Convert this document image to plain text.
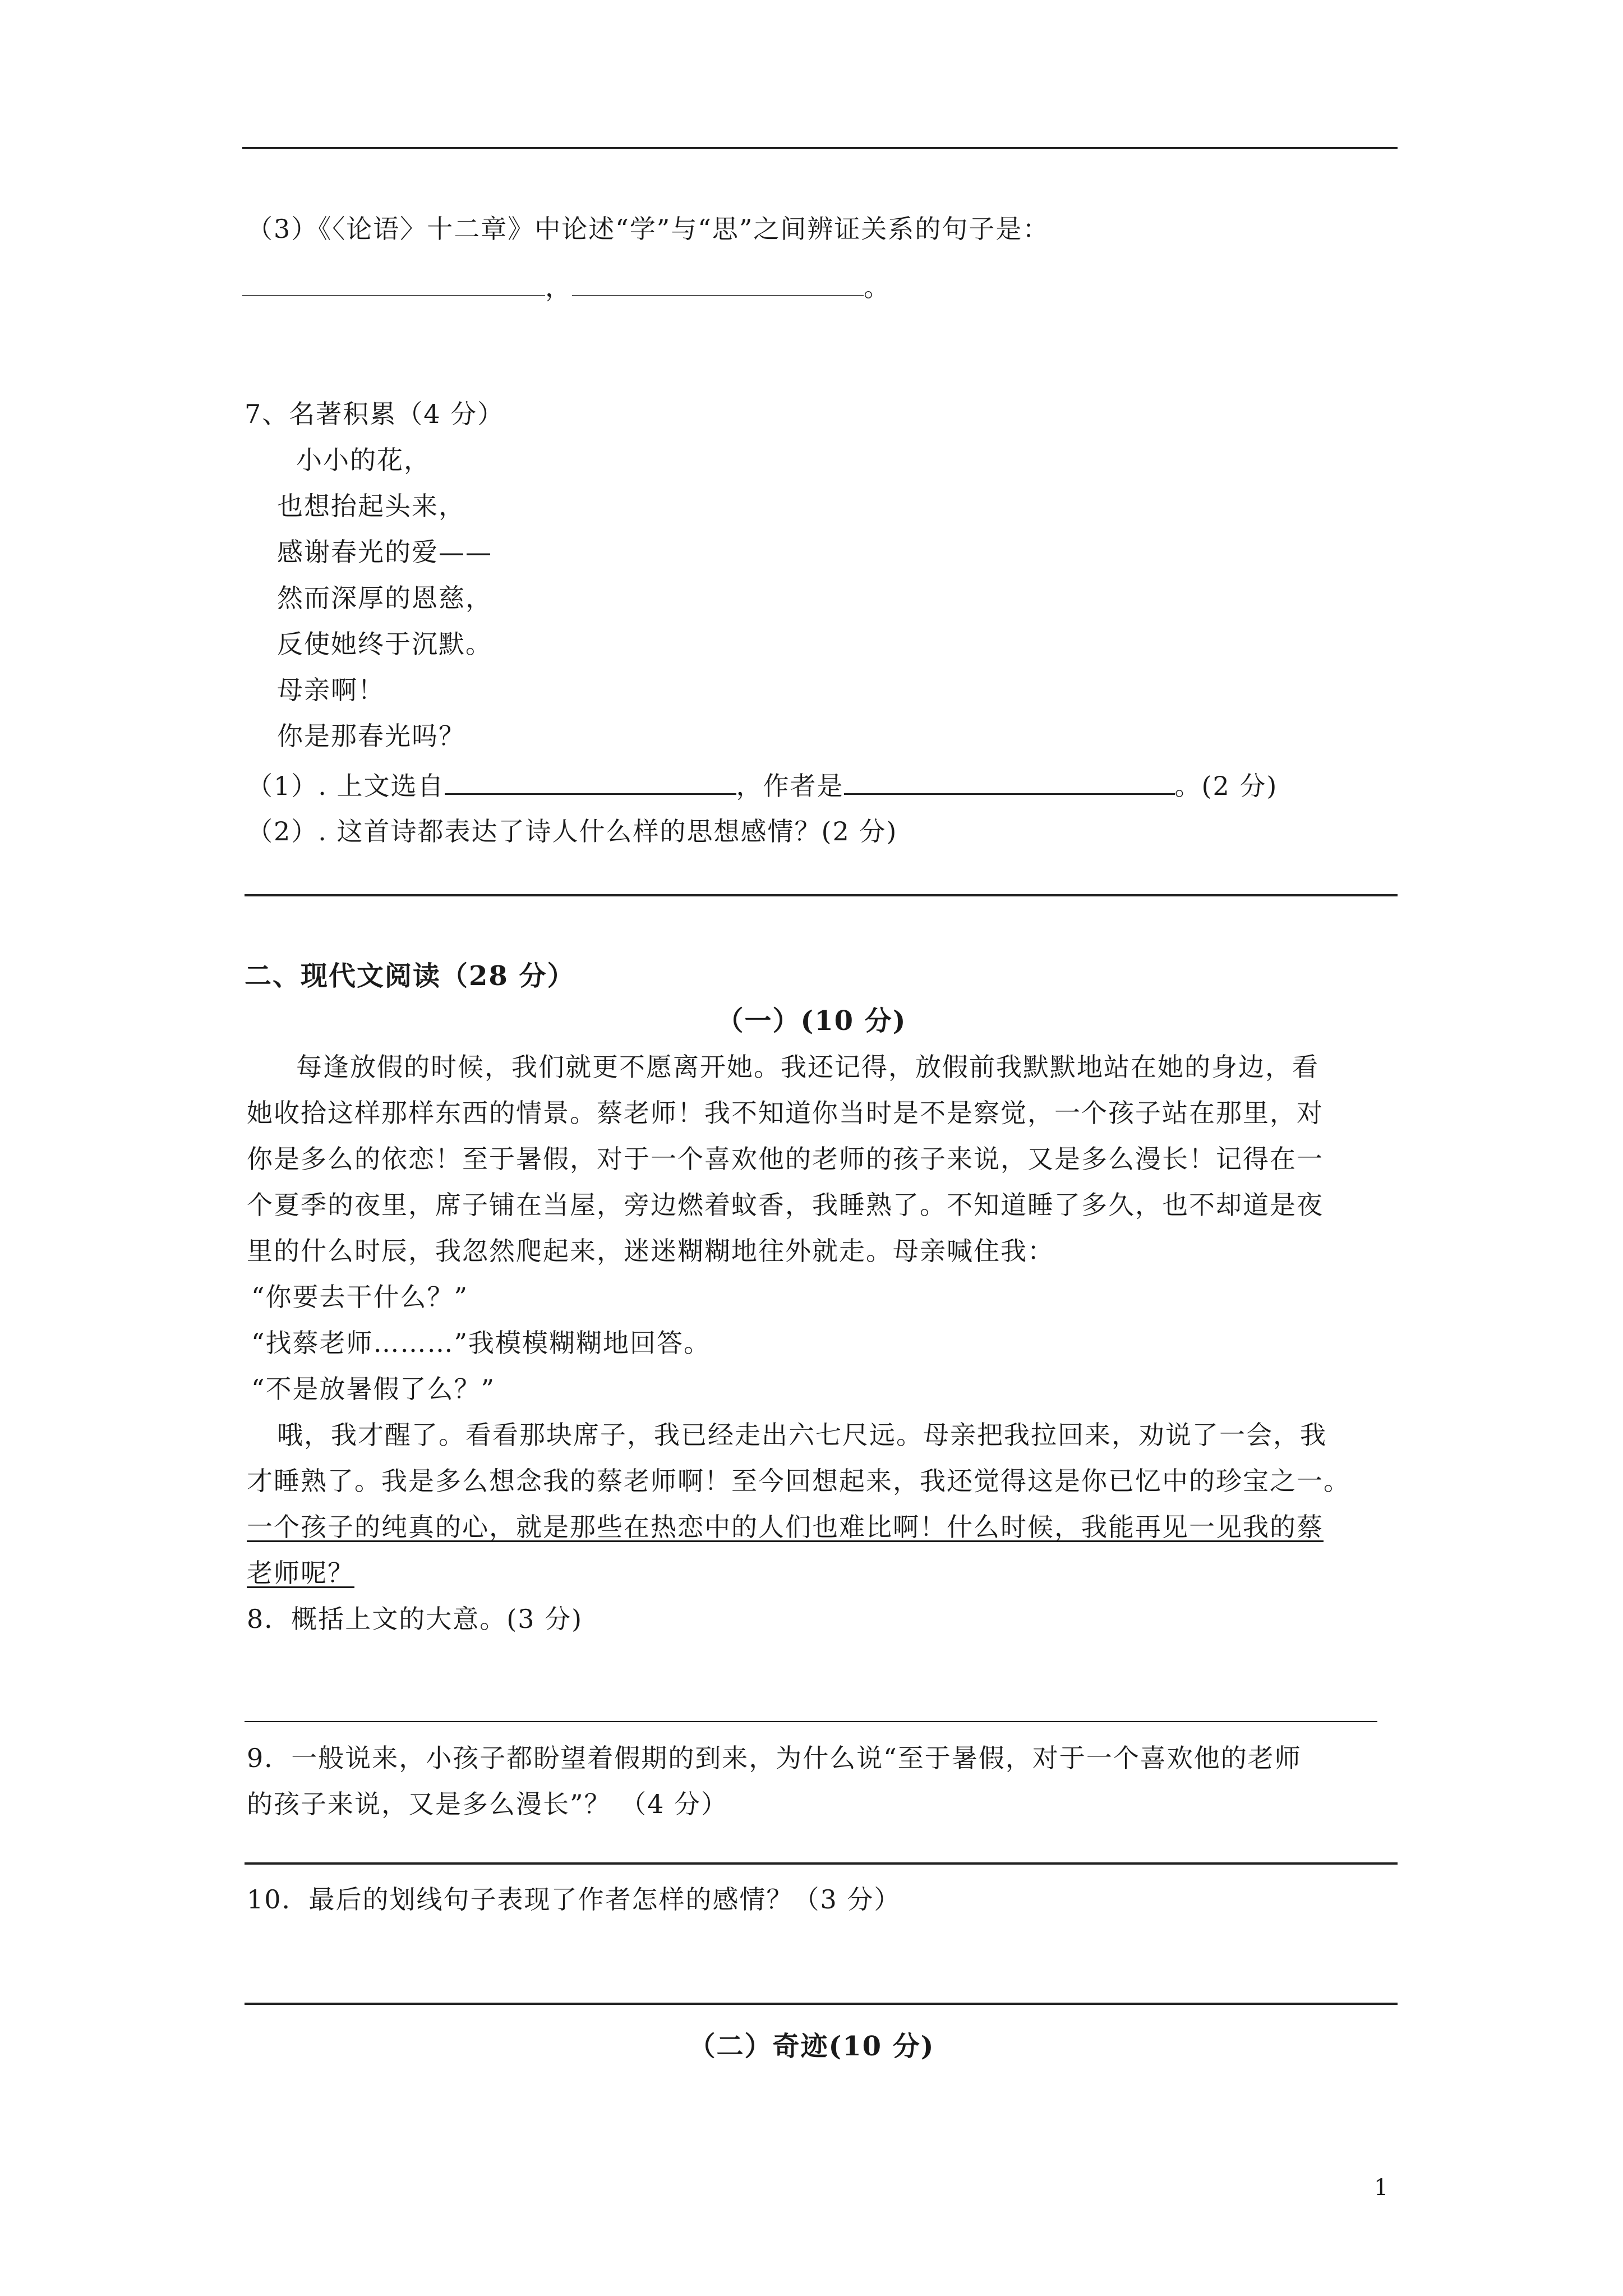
（3）《〈论语〉十二章》中论述“学”与“思”之间辨证关系的句子是：
，	。
7、名著积累（4 分）
小小的花，
也想抬起头来，
感谢春光的爱——
然而深厚的恩慈，
反使她终于沉默。
母亲啊！
你是那春光吗？
（1）. 上文选自	，作者是	。(2 分)
（2）. 这首诗都表达了诗人什么样的思想感情？(2 分)
二、现代文阅读（28 分）
（一）(10 分)
每逢放假的时候，我们就更不愿离开她。我还记得，放假前我默默地站在她的身边，看
她收拾这样那样东西的情景。蔡老师！我不知道你当时是不是察觉，一个孩子站在那里，对
你是多么的依恋！至于暑假，对于一个喜欢他的老师的孩子来说，又是多么漫长！记得在一
个夏季的夜里，席子铺在当屋，旁边燃着蚊香，我睡熟了。不知道睡了多久，也不却道是夜
里的什么时辰，我忽然爬起来，迷迷糊糊地往外就走。母亲喊住我：
“你要去干什么？”
“找蔡老师………”我模模糊糊地回答。
“不是放暑假了么？”
哦，我才醒了。看看那块席子，我已经走出六七尺远。母亲把我拉回来，劝说了一会，我
才睡熟了。我是多么想念我的蔡老师啊！至今回想起来，我还觉得这是你已忆中的珍宝之一。
一个孩子的纯真的心，就是那些在热恋中的人们也难比啊！什么时候，我能再见一见我的蔡
老师呢？
8．概括上文的大意。(3 分)
9．一般说来，小孩子都盼望着假期的到来，为什么说“至于暑假，对于一个喜欢他的老师
的孩子来说，又是多么漫长”？ （4 分）
10．最后的划线句子表现了作者怎样的感情？（3 分）
（二）奇迹(10 分)
1
